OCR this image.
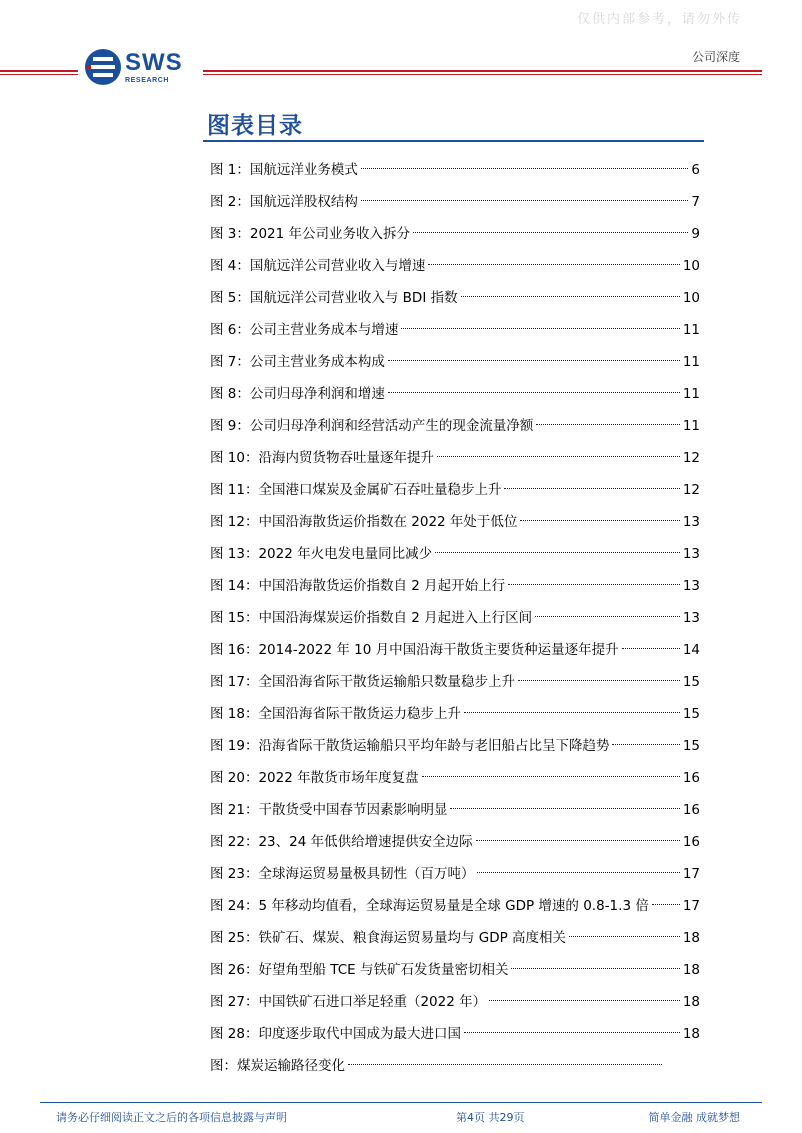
仅供内部参考，请勿外传
SWS
RESEARCH
公司深度
图表目录
图 1：国航远洋业务模式	6
图 2：国航远洋股权结构	7
图 3：2021 年公司业务收入拆分	9
图 4：国航远洋公司营业收入与增速	10
图 5：国航远洋公司营业收入与 BDI 指数	10
图 6：公司主营业务成本与增速	11
图 7：公司主营业务成本构成	11
图 8：公司归母净利润和增速	11
图 9：公司归母净利润和经营活动产生的现金流量净额	11
图 10：沿海内贸货物吞吐量逐年提升	12
图 11：全国港口煤炭及金属矿石吞吐量稳步上升	12
图 12：中国沿海散货运价指数在 2022 年处于低位	13
图 13：2022 年火电发电量同比减少	13
图 14：中国沿海散货运价指数自 2 月起开始上行	13
图 15：中国沿海煤炭运价指数自 2 月起进入上行区间	13
图 16：2014-2022 年 10 月中国沿海干散货主要货种运量逐年提升	14
图 17：全国沿海省际干散货运输船只数量稳步上升	15
图 18：全国沿海省际干散货运力稳步上升	15
图 19：沿海省际干散货运输船只平均年龄与老旧船占比呈下降趋势	15
图 20：2022 年散货市场年度复盘	16
图 21：干散货受中国春节因素影响明显	16
图 22：23、24 年低供给增速提供安全边际	16
图 23：全球海运贸易量极具韧性（百万吨）	17
图 24：5 年移动均值看，全球海运贸易量是全球 GDP 增速的 0.8-1.3 倍	17
图 25：铁矿石、煤炭、粮食海运贸易量均与 GDP 高度相关	18
图 26：好望角型船 TCE 与铁矿石发货量密切相关	18
图 27：中国铁矿石进口举足轻重（2022 年）	18
图 28：印度逐步取代中国成为最大进口国	18
图：煤炭运输路径变化
请务必仔细阅读正文之后的各项信息披露与声明	第4页 共29页	简单金融 成就梦想
